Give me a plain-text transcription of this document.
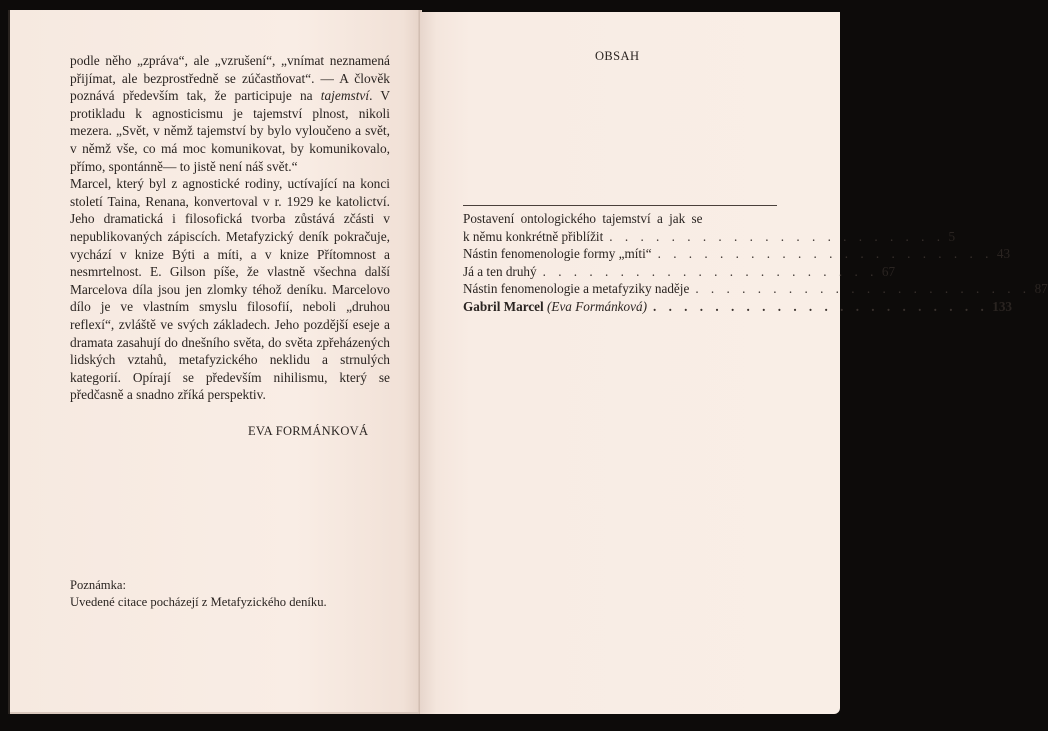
podle něho „zpráva“, ale „vzrušení“, „vnímat neznamená přijímat, ale bezprostředně se zúčastňovat“. — A člověk poznává především tak, že participuje na tajemství. V protikladu k agnosticismu je tajemství plnost, nikoli mezera. „Svět, v němž tajemství by bylo vyloučeno a svět, v němž vše, co má moc komunikovat, by komunikovalo, přímo, spontánně— to jistě není náš svět.“

Marcel, který byl z agnostické rodiny, uctívající na konci století Taina, Renana, konvertoval v r. 1929 ke katolictví. Jeho dramatická i filosofická tvorba zůstává zčásti v nepublikovaných zápiscích. Metafyzický deník pokračuje, vychází v knize Býti a míti, a v knize Přítomnost a nesmrtelnost. E. Gilson píše, že vlastně všechna další Marcelova díla jsou jen zlomky téhož deníku. Marcelovo dílo je ve vlastním smyslu filosofií, neboli „druhou reflexí“, zvláště ve svých základech. Jeho pozdější eseje a dramata zasahují do dnešního světa, do světa zpřeházených lidských vztahů, metafyzického neklidu a strnulých kategorií. Opírají se především nihilismu, který se předčasně a snadno zříká perspektiv.

EVA FORMÁNKOVÁ
Poznámka:
Uvedené citace pocházejí z Metafyzického deníku.
OBSAH
Postavení ontologického tajemství a jak se
k němu konkrétně přiblížit . . . . . . . . . . . . . . . . . . . . . . 5
Nástin fenomenologie formy „míti“ . . . . . . . . . . . . . . . . . . . . . . 43
Já a ten druhý . . . . . . . . . . . . . . . . . . . . . . 67
Nástin fenomenologie a metafyziky naděje . . . . . . . . . . . . . . . . . . . . . . 87
Gabril Marcel (Eva Formánková) . . . . . . . . . . . . . . . . . . . . . . 133
